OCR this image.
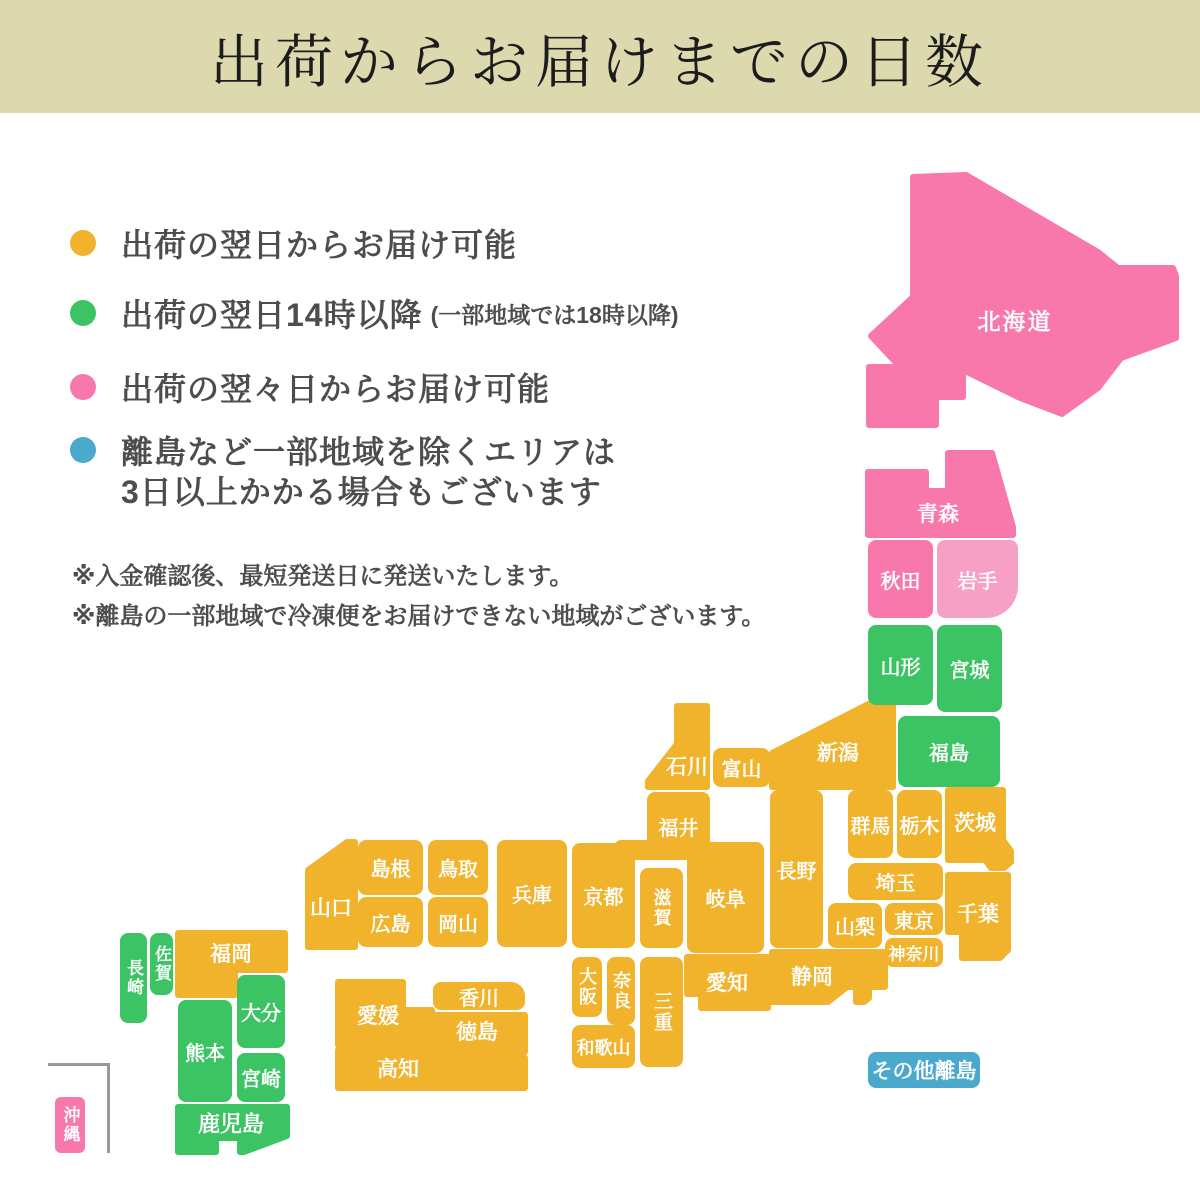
出荷からお届けまでの日数
出荷の翌日からお届け可能
出荷の翌日14時以降 (一部地域では18時以降)
出荷の翌々日からお届け可能
離島など一部地域を除くエリアは
3日以上かかる場合もございます
※入金確認後、最短発送日に発送いたします。
※離島の一部地域で冷凍便をお届けできない地域がございます。
秋田 岩手
山形 宮城
福島
富山
福井	群馬 栃木
埼玉
山梨 東京
神奈川
長野
岐阜
滋賀
京都
兵庫
大阪 奈良 三重
和歌山
島根 鳥取
広島 岡山
香川
長崎 佐賀
熊本
大分
宮崎
沖縄
その他離島
北海道
青森
新潟
石川
茨城
千葉
静岡
愛知
山口
愛媛
徳島
高知
福岡
鹿児島
